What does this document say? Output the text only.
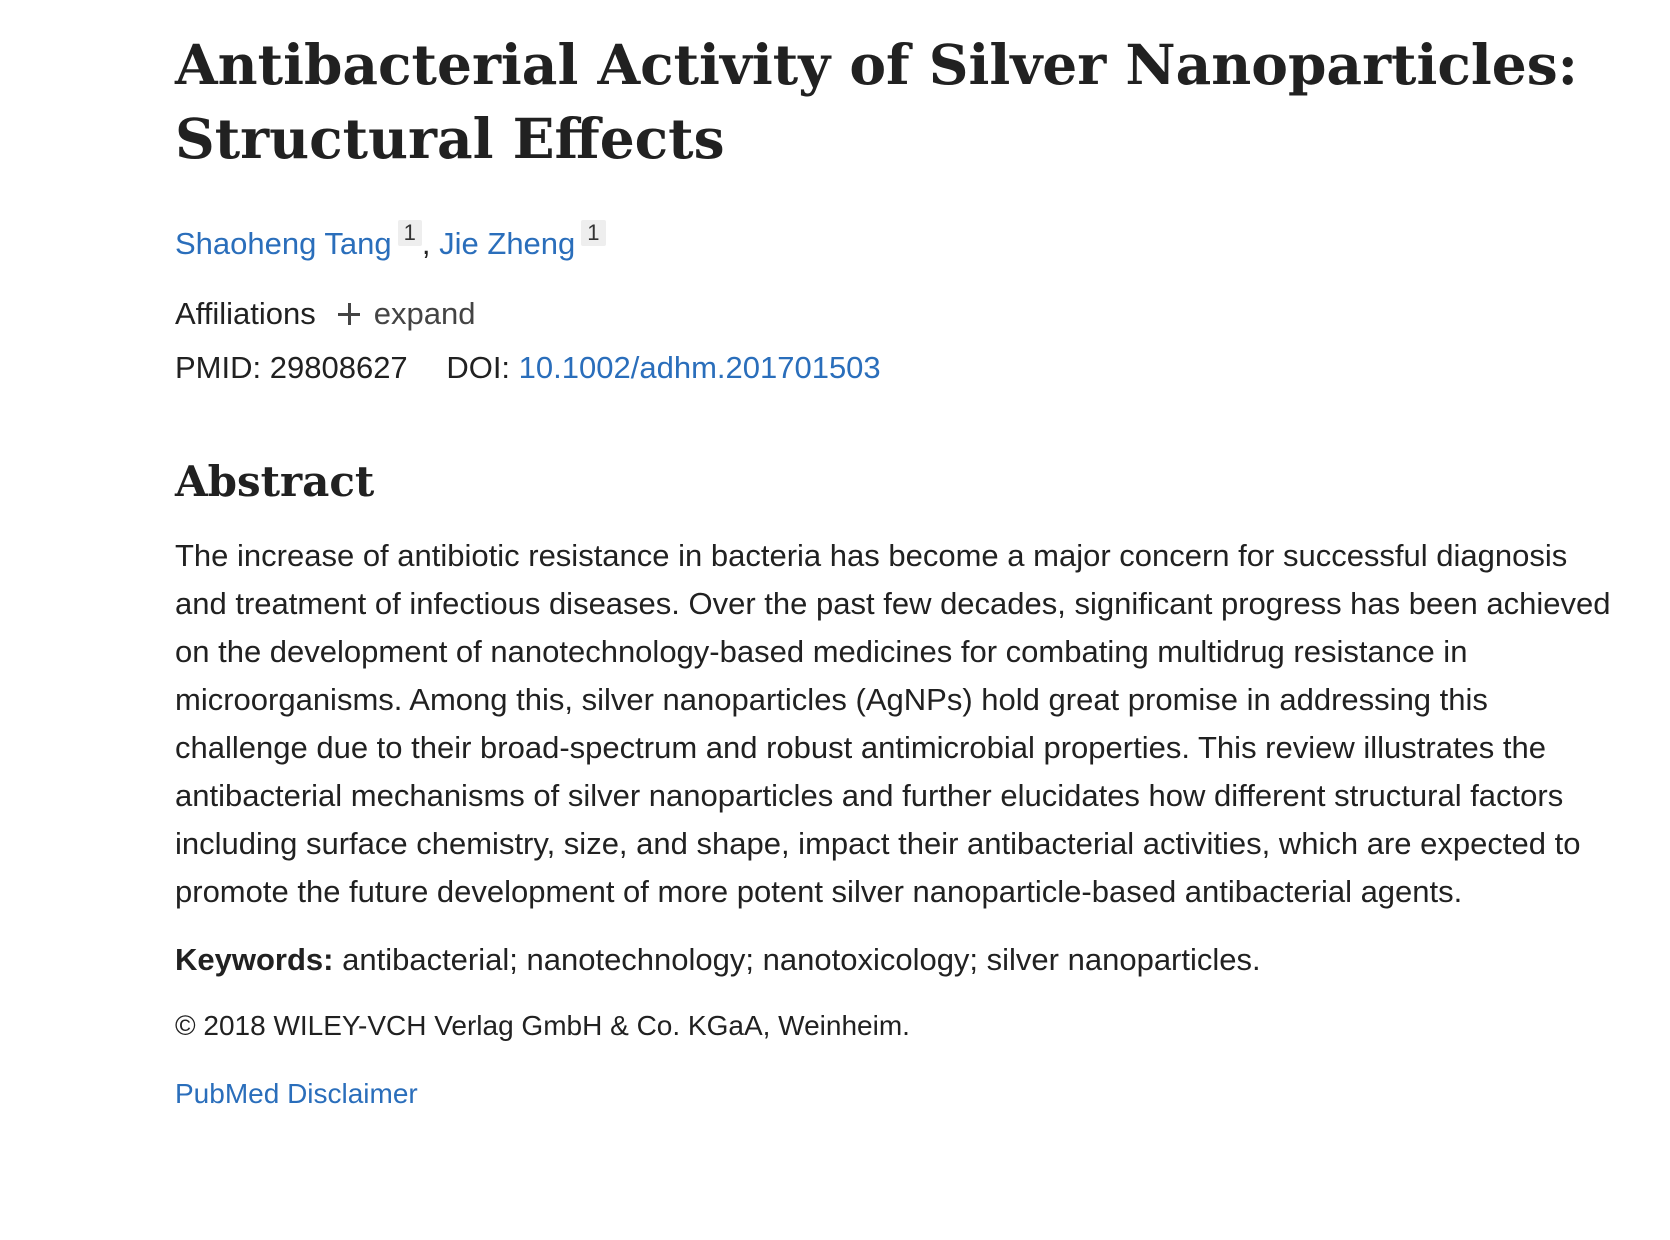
Antibacterial Activity of Silver Nanoparticles: Structural Effects
Shaoheng Tang 1 , Jie Zheng 1
Affiliations expand
PMID: 29808627 DOI: 10.1002/adhm.201701503
Abstract
The increase of antibiotic resistance in bacteria has become a major concern for successful diagnosis and treatment of infectious diseases. Over the past few decades, significant progress has been achieved on the development of nanotechnology-based medicines for combating multidrug resistance in microorganisms. Among this, silver nanoparticles (AgNPs) hold great promise in addressing this challenge due to their broad-spectrum and robust antimicrobial properties. This review illustrates the antibacterial mechanisms of silver nanoparticles and further elucidates how different structural factors including surface chemistry, size, and shape, impact their antibacterial activities, which are expected to promote the future development of more potent silver nanoparticle-based antibacterial agents.
Keywords: antibacterial; nanotechnology; nanotoxicology; silver nanoparticles.
© 2018 WILEY-VCH Verlag GmbH & Co. KGaA, Weinheim.
PubMed Disclaimer
